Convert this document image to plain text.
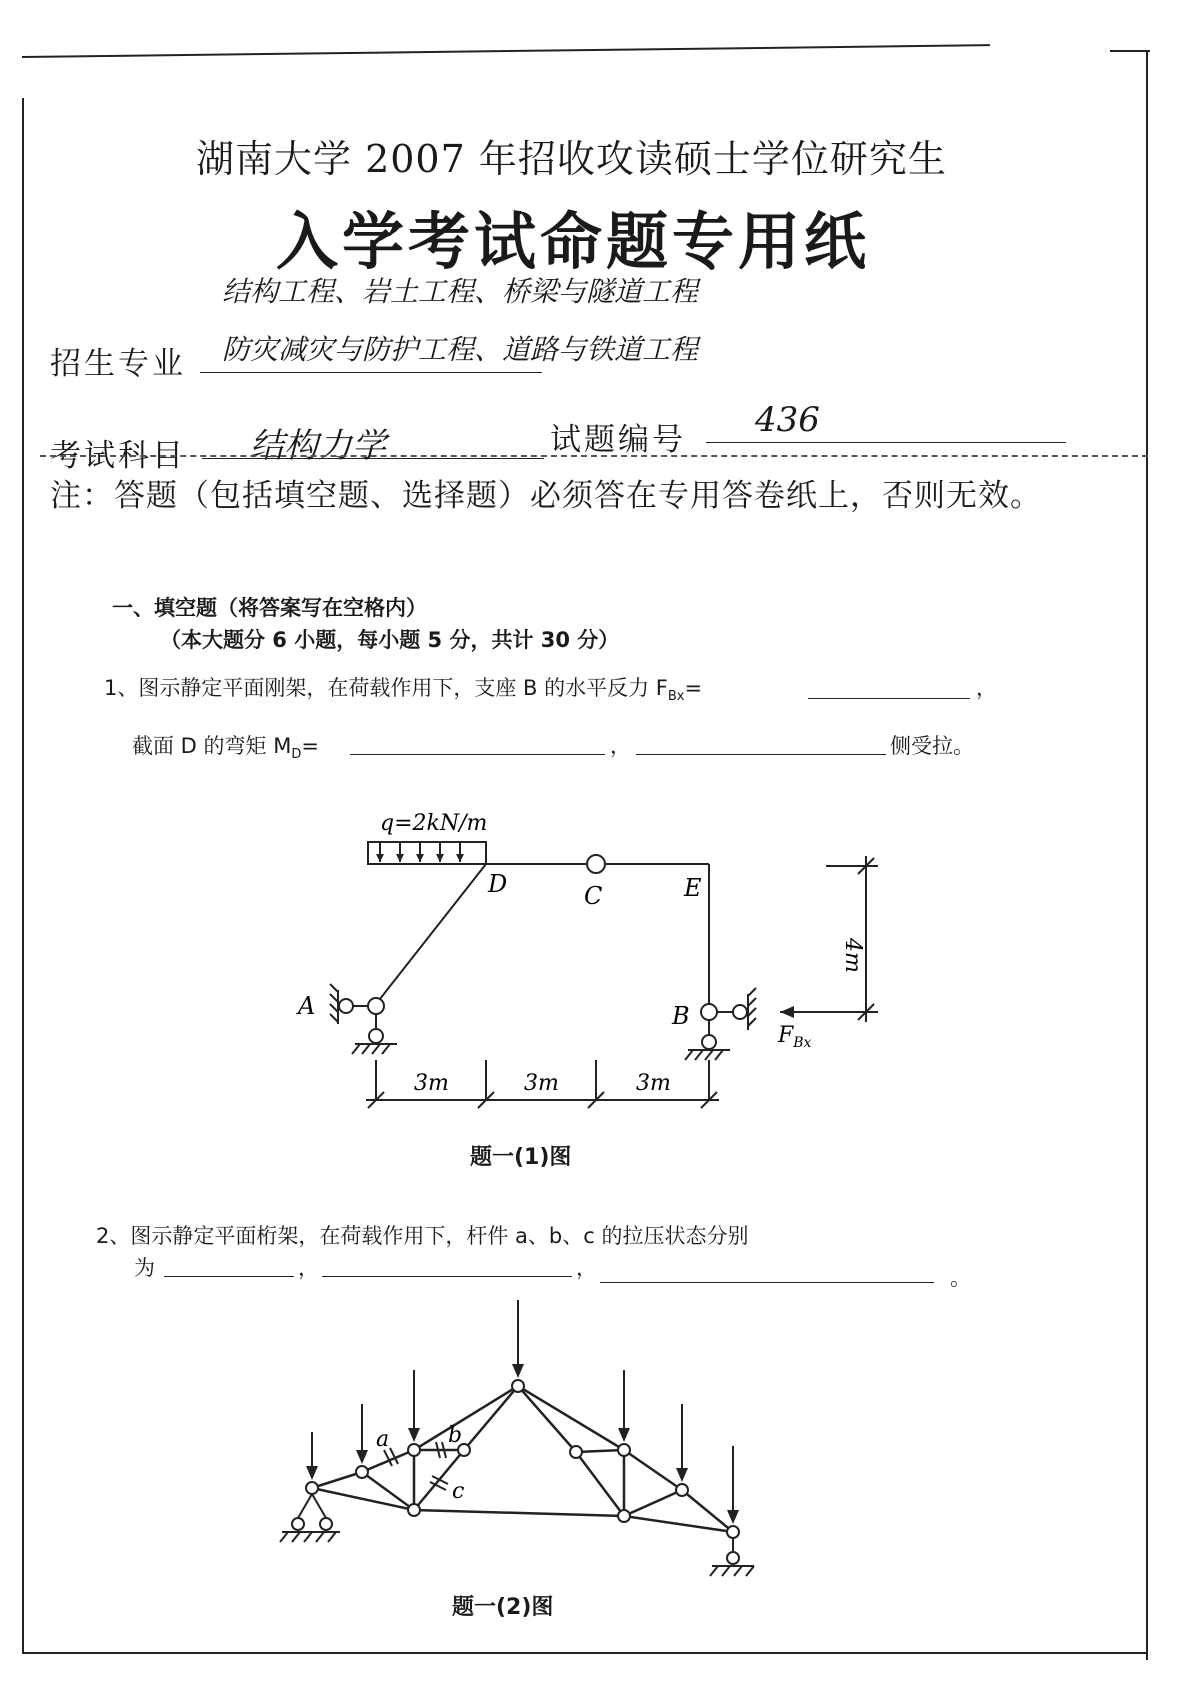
湖南大学 2007 年招收攻读硕士学位研究生
入学考试命题专用纸
结构工程、岩土工程、桥梁与隧道工程
招生专业 防灾减灾与防护工程、道路与铁道工程
考试科目 结构力学	试题编号 436
注：答题（包括填空题、选择题）必须答在专用答卷纸上，否则无效。
一、填空题（将答案写在空格内）
（本大题分 6 小题，每小题 5 分，共计 30 分）
1、图示静定平面刚架，在荷载作用下，支座 B 的水平反力 $F_{Bx}=$	，
截面 D 的弯矩 $M_D=$	，	侧受拉。
q=2kN/m
D	C	E
A	B
$F_{Bx}$
4m
3m	3m	3m
题一(1)图
2、图示静定平面桁架，在荷载作用下，杆件 a、b、c 的拉压状态分别
为	，	，	。
a	b
c
题一(2)图
